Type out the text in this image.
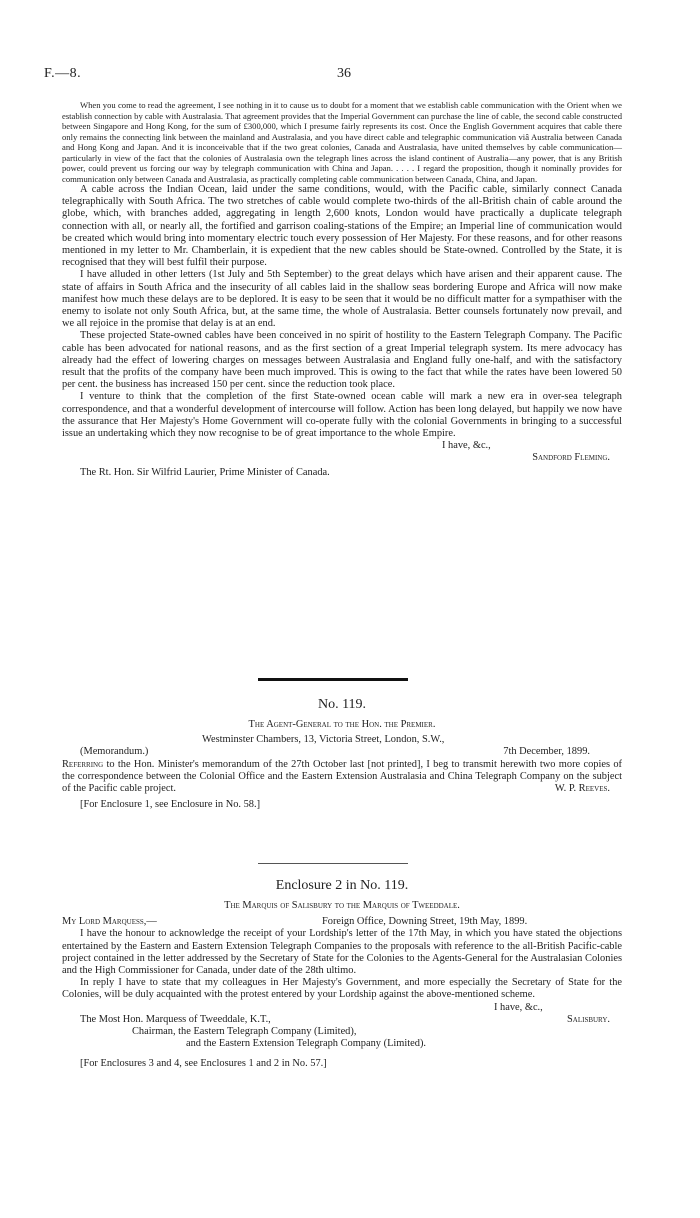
F.—8.	36

When you come to read the agreement, I see nothing in it to cause us to doubt for a moment that we establish cable communication with the Orient when we establish connection by cable with Australasia. That agreement provides that the Imperial Government can purchase the line of cable, the second cable constructed between Singapore and Hong Kong, for the sum of £300,000, which I presume fairly represents its cost. Once the English Government acquires that cable there only remains the connecting link between the mainland and Australasia, and you have direct cable and telegraphic communication viâ Australia between Canada and Hong Kong and Japan. And it is inconceivable that if the two great colonies, Canada and Australasia, have united themselves by cable communication—particularly in view of the fact that the colonies of Australasia own the telegraph lines across the island continent of Australia—any power, that is any British power, could prevent us forcing our way by telegraph communication with China and Japan. . . . . I regard the proposition, though it nominally provides for communication only between Canada and Australasia, as practically completing cable communication between Canada, China, and Japan.

A cable across the Indian Ocean, laid under the same conditions, would, with the Pacific cable, similarly connect Canada telegraphically with South Africa. The two stretches of cable would complete two-thirds of the all-British chain of cable around the globe, which, with branches added, aggregating in length 2,600 knots, London would have practically a duplicate telegraph connection with all, or nearly all, the fortified and garrison coaling-stations of the Empire; an Imperial line of communication would be created which would bring into momentary electric touch every possession of Her Majesty. For these reasons, and for other reasons mentioned in my letter to Mr. Chamberlain, it is expedient that the new cables should be State-owned. Controlled by the State, it is recognised that they will best fulfil their purpose.

I have alluded in other letters (1st July and 5th September) to the great delays which have arisen and their apparent cause. The state of affairs in South Africa and the insecurity of all cables laid in the shallow seas bordering Europe and Africa will now make manifest how much these delays are to be deplored. It is easy to be seen that it would be no difficult matter for a sympathiser with the enemy to isolate not only South Africa, but, at the same time, the whole of Australasia. Better counsels fortunately now prevail, and we all rejoice in the promise that delay is at an end.

These projected State-owned cables have been conceived in no spirit of hostility to the Eastern Telegraph Company. The Pacific cable has been advocated for national reasons, and as the first section of a great Imperial telegraph system. Its mere advocacy has already had the effect of lowering charges on messages between Australasia and England fully one-half, and with the satisfactory result that the profits of the company have been much improved. This is owing to the fact that while the rates have been lowered 50 per cent. the business has increased 150 per cent. since the reduction took place.

I venture to think that the completion of the first State-owned ocean cable will mark a new era in over-sea telegraph correspondence, and that a wonderful development of intercourse will follow. Action has been long delayed, but happily we now have the assurance that Her Majesty's Home Government will co-operate fully with the colonial Governments in bringing to a successful issue an undertaking which they now recognise to be of great importance to the whole Empire.

I have, &c.,

Sandford Fleming.

The Rt. Hon. Sir Wilfrid Laurier, Prime Minister of Canada.

No. 119.

The Agent-General to the Hon. the Premier.

Westminster Chambers, 13, Victoria Street, London, S.W.,

(Memorandum.)	7th December, 1899.

Referring to the Hon. Minister's memorandum of the 27th October last [not printed], I beg to transmit herewith two more copies of the correspondence between the Colonial Office and the Eastern Extension Australasia and China Telegraph Company on the subject of the Pacific cable project.	W. P. Reeves.

[For Enclosure 1, see Enclosure in No. 58.]

Enclosure 2 in No. 119.

The Marquis of Salisbury to the Marquis of Tweeddale.

My Lord Marquess,—	Foreign Office, Downing Street, 19th May, 1899.

I have the honour to acknowledge the receipt of your Lordship's letter of the 17th May, in which you have stated the objections entertained by the Eastern and Eastern Extension Telegraph Companies to the proposals with reference to the all-British Pacific-cable project contained in the letter addressed by the Secretary of State for the Colonies to the Agents-General for the Australasian Colonies and the High Commissioner for Canada, under date of the 28th ultimo.

In reply I have to state that my colleagues in Her Majesty's Government, and more especially the Secretary of State for the Colonies, will be duly acquainted with the protest entered by your Lordship against the above-mentioned scheme.

I have, &c.,

The Most Hon. Marquess of Tweeddale, K.T.,	Salisbury.

Chairman, the Eastern Telegraph Company (Limited),

and the Eastern Extension Telegraph Company (Limited).

[For Enclosures 3 and 4, see Enclosures 1 and 2 in No. 57.]
